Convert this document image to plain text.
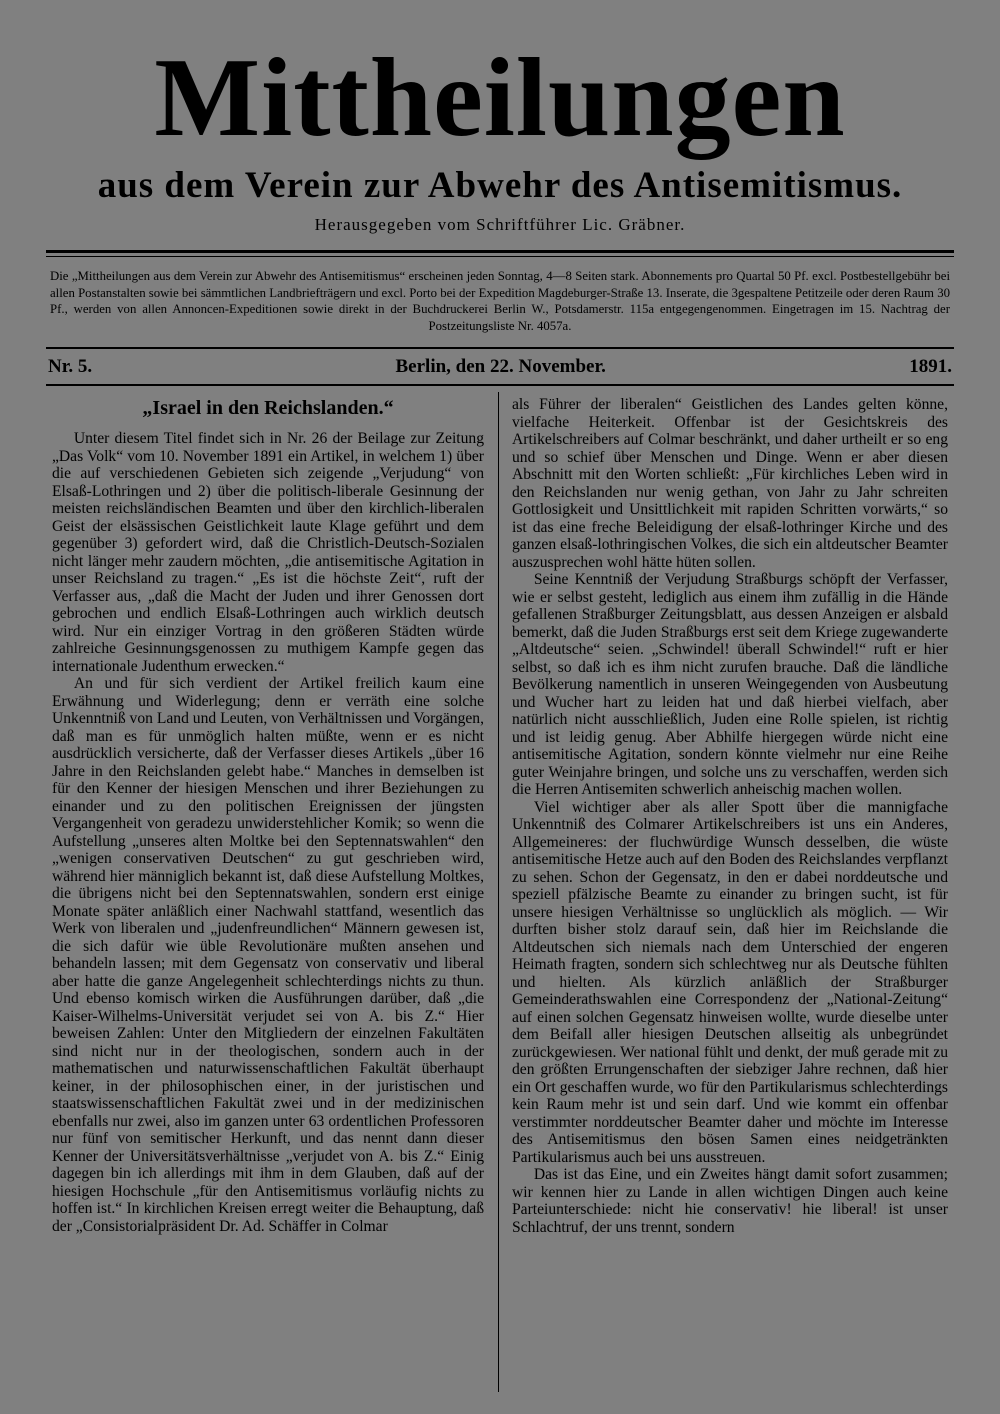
Mittheilungen
aus dem Verein zur Abwehr des Antisemitismus.
Herausgegeben vom Schriftführer Lic. Gräbner.
Die „Mittheilungen aus dem Verein zur Abwehr des Antisemitismus“ erscheinen jeden Sonntag, 4—8 Seiten stark. Abonnements pro Quartal 50 Pf. excl. Postbestellgebühr bei allen Postanstalten sowie bei sämmtlichen Landbriefträgern und excl. Porto bei der Expedition Magdeburger-Straße 13. Inserate, die 3gespaltene Petitzeile oder deren Raum 30 Pf., werden von allen Annoncen-Expeditionen sowie direkt in der Buchdruckerei Berlin W., Potsdamerstr. 115a entgegengenommen. Eingetragen im 15. Nachtrag der Postzeitungsliste Nr. 4057a.
Nr. 5.	Berlin, den 22. November.	1891.
„Israel in den Reichslanden.“

Unter diesem Titel findet sich in Nr. 26 der Beilage zur Zeitung „Das Volk“ vom 10. November 1891 ein Artikel, in welchem 1) über die auf verschiedenen Gebieten sich zeigende „Verjudung“ von Elsaß-Lothringen und 2) über die politisch-liberale Gesinnung der meisten reichsländischen Beamten und über den kirchlich-liberalen Geist der elsässischen Geistlichkeit laute Klage geführt und dem gegenüber 3) gefordert wird, daß die Christlich-Deutsch-Sozialen nicht länger mehr zaudern möchten, „die antisemitische Agitation in unser Reichsland zu tragen.“ „Es ist die höchste Zeit“, ruft der Verfasser aus, „daß die Macht der Juden und ihrer Genossen dort gebrochen und endlich Elsaß-Lothringen auch wirklich deutsch wird. Nur ein einziger Vortrag in den größeren Städten würde zahlreiche Gesinnungsgenossen zu muthigem Kampfe gegen das internationale Judenthum erwecken.“

An und für sich verdient der Artikel freilich kaum eine Erwähnung und Widerlegung; denn er verräth eine solche Unkenntniß von Land und Leuten, von Verhältnissen und Vorgängen, daß man es für unmöglich halten müßte, wenn er es nicht ausdrücklich versicherte, daß der Verfasser dieses Artikels „über 16 Jahre in den Reichslanden gelebt habe.“ Manches in demselben ist für den Kenner der hiesigen Menschen und ihrer Beziehungen zu einander und zu den politischen Ereignissen der jüngsten Vergangenheit von geradezu unwiderstehlicher Komik; so wenn die Aufstellung „unseres alten Moltke bei den Septennatswahlen“ den „wenigen conservativen Deutschen“ zu gut geschrieben wird, während hier männiglich bekannt ist, daß diese Aufstellung Moltkes, die übrigens nicht bei den Septennatswahlen, sondern erst einige Monate später anläßlich einer Nachwahl stattfand, wesentlich das Werk von liberalen und „judenfreundlichen“ Männern gewesen ist, die sich dafür wie üble Revolutionäre mußten ansehen und behandeln lassen; mit dem Gegensatz von conservativ und liberal aber hatte die ganze Angelegenheit schlechterdings nichts zu thun. Und ebenso komisch wirken die Ausführungen darüber, daß „die Kaiser-Wilhelms-Universität verjudet sei von A. bis Z.“ Hier beweisen Zahlen: Unter den Mitgliedern der einzelnen Fakultäten sind nicht nur in der theologischen, sondern auch in der mathematischen und naturwissenschaftlichen Fakultät überhaupt keiner, in der philosophischen einer, in der juristischen und staatswissenschaftlichen Fakultät zwei und in der medizinischen ebenfalls nur zwei, also im ganzen unter 63 ordentlichen Professoren nur fünf von semitischer Herkunft, und das nennt dann dieser Kenner der Universitätsverhältnisse „verjudet von A. bis Z.“ Einig dagegen bin ich allerdings mit ihm in dem Glauben, daß auf der hiesigen Hochschule „für den Antisemitismus vorläufig nichts zu hoffen ist.“ In kirchlichen Kreisen erregt weiter die Behauptung, daß der „Consistorialpräsident Dr. Ad. Schäffer in Colmar

als Führer der liberalen“ Geistlichen des Landes gelten könne, vielfache Heiterkeit. Offenbar ist der Gesichtskreis des Artikelschreibers auf Colmar beschränkt, und daher urtheilt er so eng und so schief über Menschen und Dinge. Wenn er aber diesen Abschnitt mit den Worten schließt: „Für kirchliches Leben wird in den Reichslanden nur wenig gethan, von Jahr zu Jahr schreiten Gottlosigkeit und Unsittlichkeit mit rapiden Schritten vorwärts,“ so ist das eine freche Beleidigung der elsaß-lothringer Kirche und des ganzen elsaß-lothringischen Volkes, die sich ein altdeutscher Beamter auszusprechen wohl hätte hüten sollen.

Seine Kenntniß der Verjudung Straßburgs schöpft der Verfasser, wie er selbst gesteht, lediglich aus einem ihm zufällig in die Hände gefallenen Straßburger Zeitungsblatt, aus dessen Anzeigen er alsbald bemerkt, daß die Juden Straßburgs erst seit dem Kriege zugewanderte „Altdeutsche“ seien. „Schwindel! überall Schwindel!“ ruft er hier selbst, so daß ich es ihm nicht zurufen brauche. Daß die ländliche Bevölkerung namentlich in unseren Weingegenden von Ausbeutung und Wucher hart zu leiden hat und daß hierbei vielfach, aber natürlich nicht ausschließlich, Juden eine Rolle spielen, ist richtig und ist leidig genug. Aber Abhilfe hiergegen würde nicht eine antisemitische Agitation, sondern könnte vielmehr nur eine Reihe guter Weinjahre bringen, und solche uns zu verschaffen, werden sich die Herren Antisemiten schwerlich anheischig machen wollen.

Viel wichtiger aber als aller Spott über die mannigfache Unkenntniß des Colmarer Artikelschreibers ist uns ein Anderes, Allgemeineres: der fluchwürdige Wunsch desselben, die wüste antisemitische Hetze auch auf den Boden des Reichslandes verpflanzt zu sehen. Schon der Gegensatz, in den er dabei norddeutsche und speziell pfälzische Beamte zu einander zu bringen sucht, ist für unsere hiesigen Verhältnisse so unglücklich als möglich. — Wir durften bisher stolz darauf sein, daß hier im Reichslande die Altdeutschen sich niemals nach dem Unterschied der engeren Heimath fragten, sondern sich schlechtweg nur als Deutsche fühlten und hielten. Als kürzlich anläßlich der Straßburger Gemeinderathswahlen eine Correspondenz der „National-Zeitung“ auf einen solchen Gegensatz hinweisen wollte, wurde dieselbe unter dem Beifall aller hiesigen Deutschen allseitig als unbegründet zurückgewiesen. Wer national fühlt und denkt, der muß gerade mit zu den größten Errungenschaften der siebziger Jahre rechnen, daß hier ein Ort geschaffen wurde, wo für den Partikularismus schlechterdings kein Raum mehr ist und sein darf. Und wie kommt ein offenbar verstimmter norddeutscher Beamter daher und möchte im Interesse des Antisemitismus den bösen Samen eines neidgetränkten Partikularismus auch bei uns ausstreuen.

Das ist das Eine, und ein Zweites hängt damit sofort zusammen; wir kennen hier zu Lande in allen wichtigen Dingen auch keine Parteiunterschiede: nicht hie conservativ! hie liberal! ist unser Schlachtruf, der uns trennt, sondern
